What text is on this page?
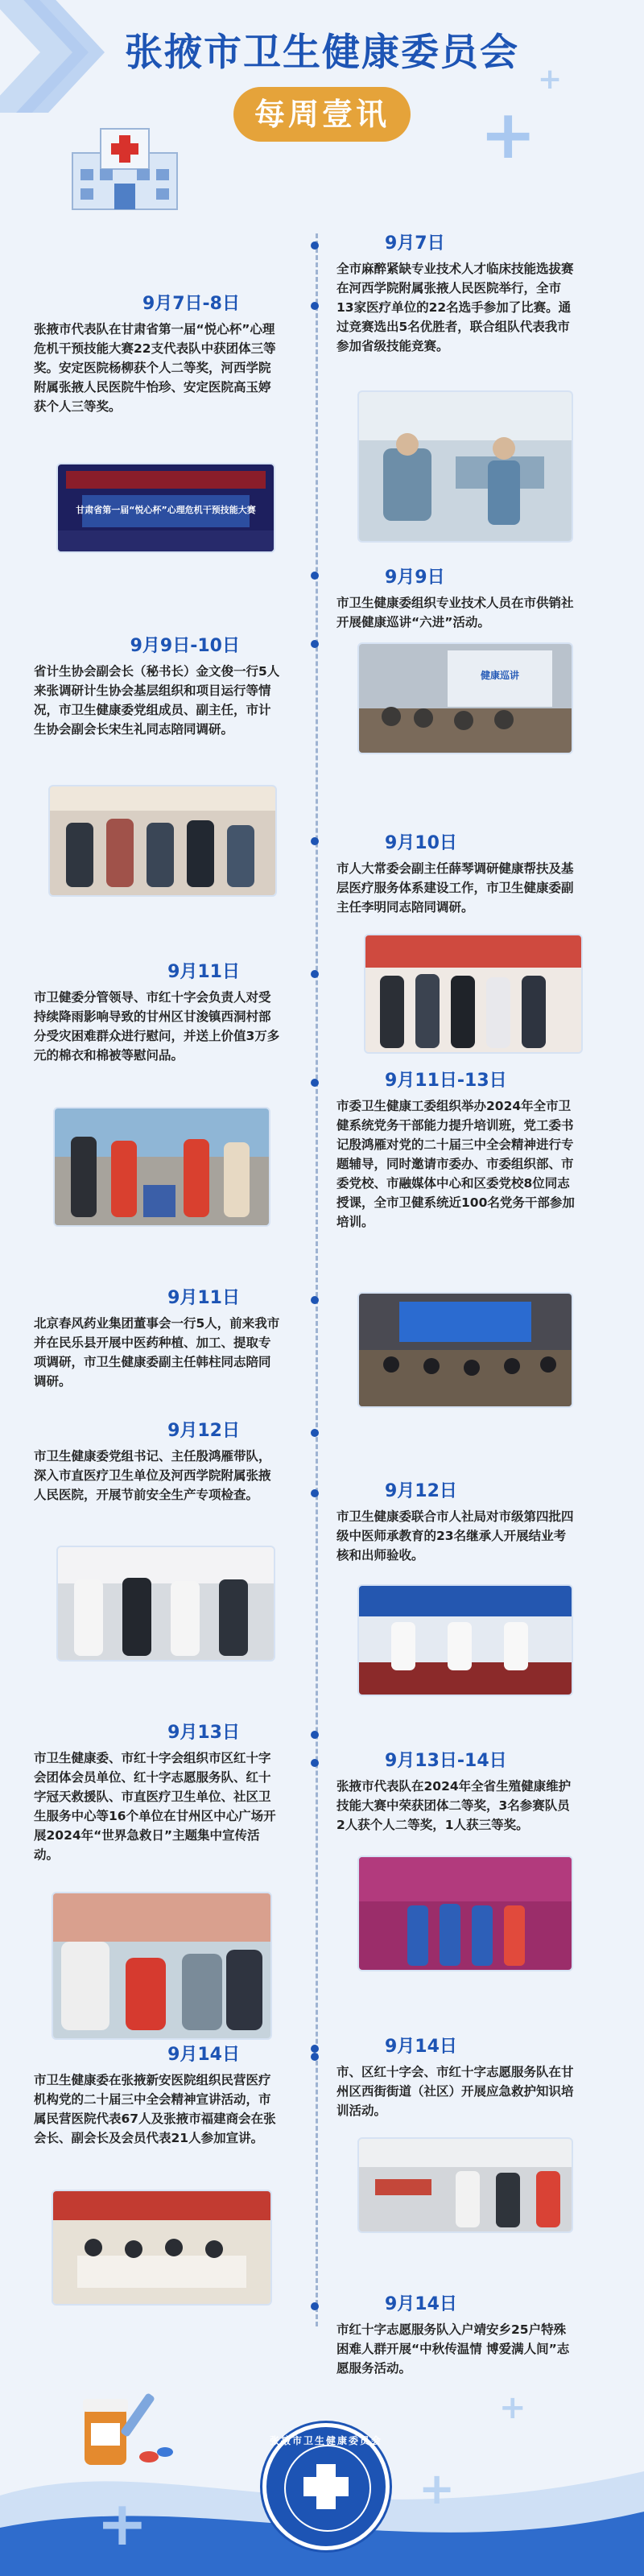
+
+
张掖市卫生健康委员会
每周壹讯
9月7日
全市麻醉紧缺专业技术人才临床技能选拔赛在河西学院附属张掖人民医院举行，全市13家医疗单位的22名选手参加了比赛。通过竞赛选出5名优胜者，联合组队代表我市参加省级技能竞赛。
9月7日-8日
张掖市代表队在甘肃省第一届“悦心杯”心理危机干预技能大赛22支代表队中获团体三等奖。安定医院杨柳获个人二等奖，河西学院附属张掖人民医院牛怡珍、安定医院高玉婷获个人三等奖。
甘肃省第一届“悦心杯”心理危机干预技能大赛
9月9日
市卫生健康委组织专业技术人员在市供销社开展健康巡讲“六进”活动。
健康巡讲
9月9日-10日
省计生协会副会长（秘书长）金文俊一行5人来张调研计生协会基层组织和项目运行等情况，市卫生健康委党组成员、副主任，市计生协会副会长宋生礼同志陪同调研。
9月10日
市人大常委会副主任薛琴调研健康帮扶及基层医疗服务体系建设工作，市卫生健康委副主任李明同志陪同调研。
9月11日
市卫健委分管领导、市红十字会负责人对受持续降雨影响导致的甘州区甘浚镇西洞村部分受灾困难群众进行慰问，并送上价值3万多元的棉衣和棉被等慰问品。
9月11日-13日
市委卫生健康工委组织举办2024年全市卫健系统党务干部能力提升培训班，党工委书记殷鸿雁对党的二十届三中全会精神进行专题辅导，同时邀请市委办、市委组织部、市委党校、市融媒体中心和区委党校8位同志授课，全市卫健系统近100名党务干部参加培训。
9月11日
北京春风药业集团董事会一行5人，前来我市并在民乐县开展中医药种植、加工、提取专项调研，市卫生健康委副主任韩柱同志陪同调研。
9月12日
市卫生健康委党组书记、主任殷鸿雁带队，深入市直医疗卫生单位及河西学院附属张掖人民医院，开展节前安全生产专项检查。	9月12日
市卫生健康委联合市人社局对市级第四批四级中医师承教育的23名继承人开展结业考核和出师验收。
9月13日
市卫生健康委、市红十字会组织市区红十字会团体会员单位、红十字志愿服务队、红十字冠天救援队、市直医疗卫生单位、社区卫生服务中心等16个单位在甘州区中心广场开展2024年“世界急救日”主题集中宣传活动。
9月13日-14日
张掖市代表队在2024年全省生殖健康维护技能大赛中荣获团体二等奖，3名参赛队员2人获个人二等奖，1人获三等奖。
9月14日
市卫生健康委在张掖新安医院组织民营医疗机构党的二十届三中全会精神宣讲活动，市属民营医院代表67人及张掖市福建商会在张会长、副会长及会员代表21人参加宣讲。
9月14日
市、区红十字会、市红十字志愿服务队在甘州区西街街道（社区）开展应急救护知识培训活动。
9月14日
市红十字志愿服务队入户靖安乡25户特殊困难人群开展“中秋传温情 博爱满人间”志愿服务活动。
+	+
+
张掖市卫生健康委员会
